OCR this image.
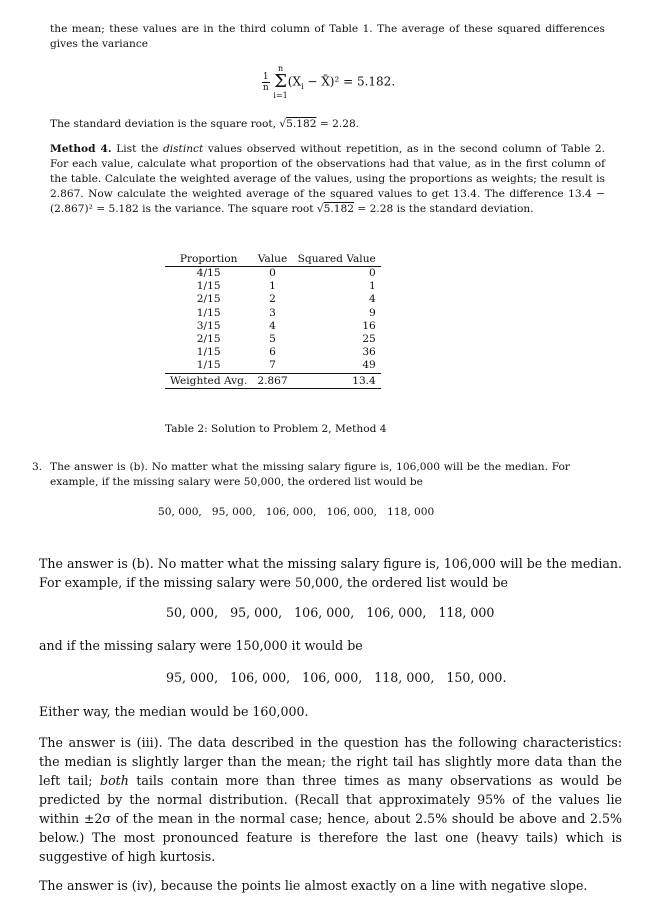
the mean; these values are in the third column of Table 1. The average of these squared differences gives the variance
$\frac{1}{n}$

n
Σ
i=1
($X_i$ − X̄)² = 5.182.
The standard deviation is the square root, √5.182 = 2.28.
Method 4. List the distinct values observed without repetition, as in the second column of Table 2. For each value, calculate what proportion of the observations had that value, as in the first column of the table. Calculate the weighted average of the values, using the proportions as weights; the result is 2.867. Now calculate the weighted average of the squared values to get 13.4. The difference 13.4 − (2.867)² = 5.182 is the variance. The square root √5.182 = 2.28 is the standard deviation.
Proportion	Value	Squared Value
4/15	0	0
1/15	1	1
2/15	2	4
1/15	3	9
3/15	4	16
2/15	5	25
1/15	6	36
1/15	7	49
Weighted Avg.	2.867	13.4
Table 2: Solution to Problem 2, Method 4
3. The answer is (b). No matter what the missing salary figure is, 106,000 will be the median. For example, if the missing salary were 50,000, the ordered list would be
50, 000,   95, 000,   106, 000,   106, 000,   118, 000
The answer is (b). No matter what the missing salary figure is, 106,000 will be the median. For example, if the missing salary were 50,000, the ordered list would be
50, 000,   95, 000,   106, 000,   106, 000,   118, 000
and if the missing salary were 150,000 it would be
95, 000,   106, 000,   106, 000,   118, 000,   150, 000.
Either way, the median would be 160,000.
The answer is (iii). The data described in the question has the following characteristics: the median is slightly larger than the mean; the right tail has slightly more data than the left tail; both tails contain more than three times as many observations as would be predicted by the normal distribution. (Recall that approximately 95% of the values lie within ±2σ of the mean in the normal case; hence, about 2.5% should be above and 2.5% below.) The most pronounced feature is therefore the last one (heavy tails) which is suggestive of high kurtosis.
The answer is (iv), because the points lie almost exactly on a line with negative slope.
